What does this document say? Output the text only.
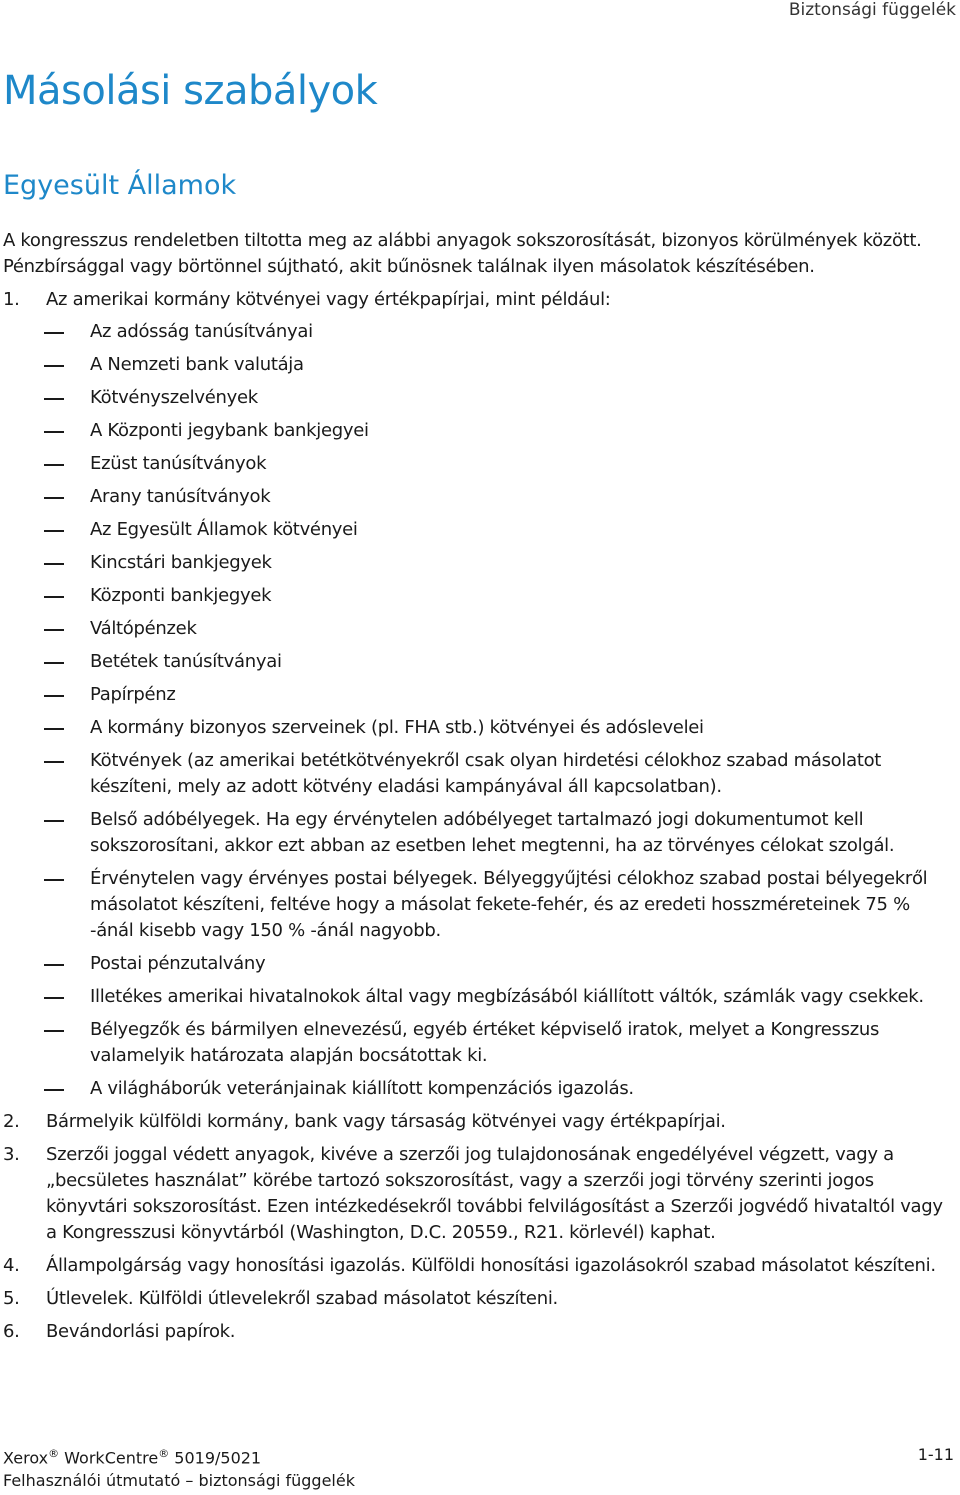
Biztonsági függelék
Másolási szabályok
Egyesült Államok

A kongresszus rendeletben tiltotta meg az alábbi anyagok sokszorosítását, bizonyos körülmények között. Pénzbírsággal vagy börtönnel sújtható, akit bűnösnek találnak ilyen másolatok készítésében.

1.	Az amerikai kormány kötvényei vagy értékpapírjai, mint például:
Az adósság tanúsítványai
A Nemzeti bank valutája
Kötvényszelvények
A Központi jegybank bankjegyei
Ezüst tanúsítványok
Arany tanúsítványok
Az Egyesült Államok kötvényei
Kincstári bankjegyek
Központi bankjegyek
Váltópénzek
Betétek tanúsítványai
Papírpénz
A kormány bizonyos szerveinek (pl. FHA stb.) kötvényei és adóslevelei
Kötvények (az amerikai betétkötvényekről csak olyan hirdetési célokhoz szabad másolatot készíteni, mely az adott kötvény eladási kampányával áll kapcsolatban).
Belső adóbélyegek. Ha egy érvénytelen adóbélyeget tartalmazó jogi dokumentumot kell sokszorosítani, akkor ezt abban az esetben lehet megtenni, ha az törvényes célokat szolgál.
Érvénytelen vagy érvényes postai bélyegek. Bélyeggyűjtési célokhoz szabad postai bélyegekről másolatot készíteni, feltéve hogy a másolat fekete-fehér, és az eredeti hosszméreteinek 75 % -ánál kisebb vagy 150 % -ánál nagyobb.
Postai pénzutalvány
Illetékes amerikai hivatalnokok által vagy megbízásából kiállított váltók, számlák vagy csekkek.
Bélyegzők és bármilyen elnevezésű, egyéb értéket képviselő iratok, melyet a Kongresszus valamelyik határozata alapján bocsátottak ki.
A világháborúk veteránjainak kiállított kompenzációs igazolás.
2.	Bármelyik külföldi kormány, bank vagy társaság kötvényei vagy értékpapírjai.
3.	Szerzői joggal védett anyagok, kivéve a szerzői jog tulajdonosának engedélyével végzett, vagy a „becsületes használat” körébe tartozó sokszorosítást, vagy a szerzői jogi törvény szerinti jogos könyvtári sokszorosítást. Ezen intézkedésekről további felvilágosítást a Szerzői jogvédő hivataltól vagy a Kongresszusi könyvtárból (Washington, D.C. 20559., R21. körlevél) kaphat.
4.	Állampolgárság vagy honosítási igazolás. Külföldi honosítási igazolásokról szabad másolatot készíteni.
5.	Útlevelek. Külföldi útlevelekről szabad másolatot készíteni.
6.	Bevándorlási papírok.
Xerox® WorkCentre® 5019/5021
Felhasználói útmutató – biztonsági függelék
1-11
